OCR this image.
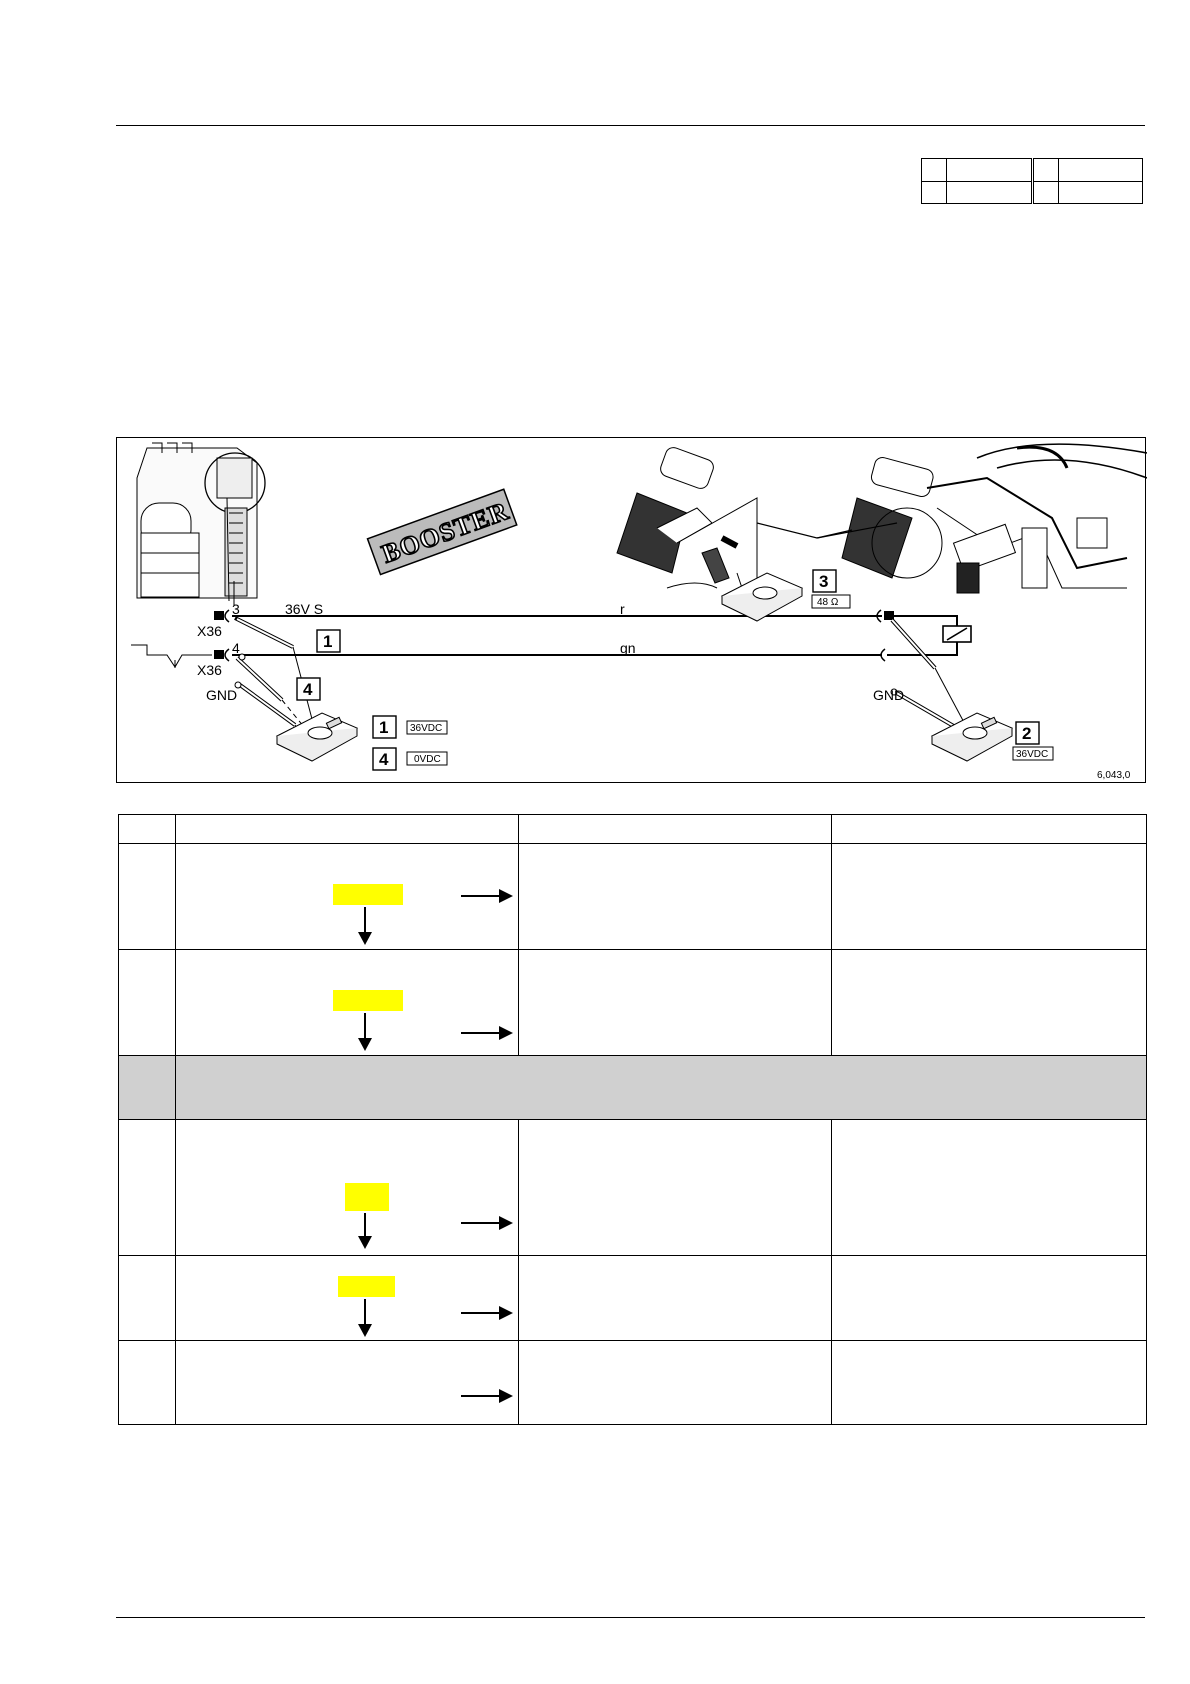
BOOSTER
X36
X36
3
4
36V S	r
gn
GND	GND
6,043,0
1
1 36VDC
4
4	0VDC
2
36VDC
3
48 Ω
